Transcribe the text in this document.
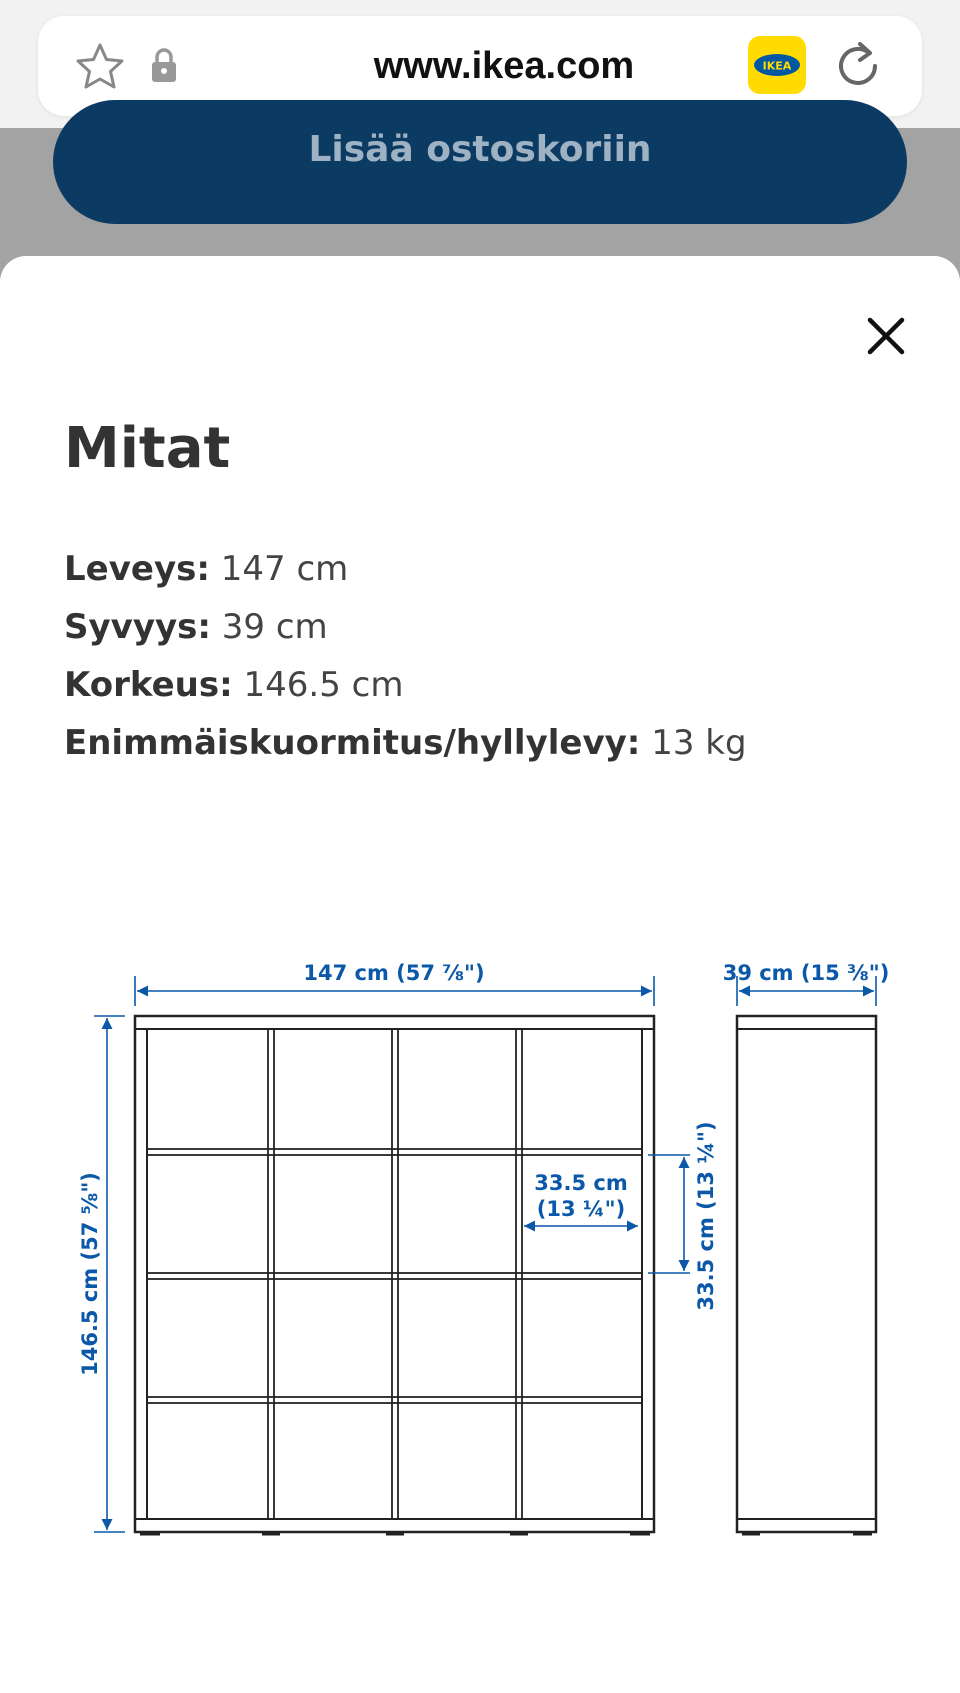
www.ikea.com	IKEA
Lisää ostoskoriin
Mitat
Leveys: 147 cm
Syvyys: 39 cm
Korkeus: 146.5 cm
Enimmäiskuormitus/hyllylevy: 13 kg
147 cm (57 ⅞")	39 cm (15 ⅜")
146.5 cm (57 ⅝")	33.5 cm
(13 ¼")	33.5 cm (13 ¼")
